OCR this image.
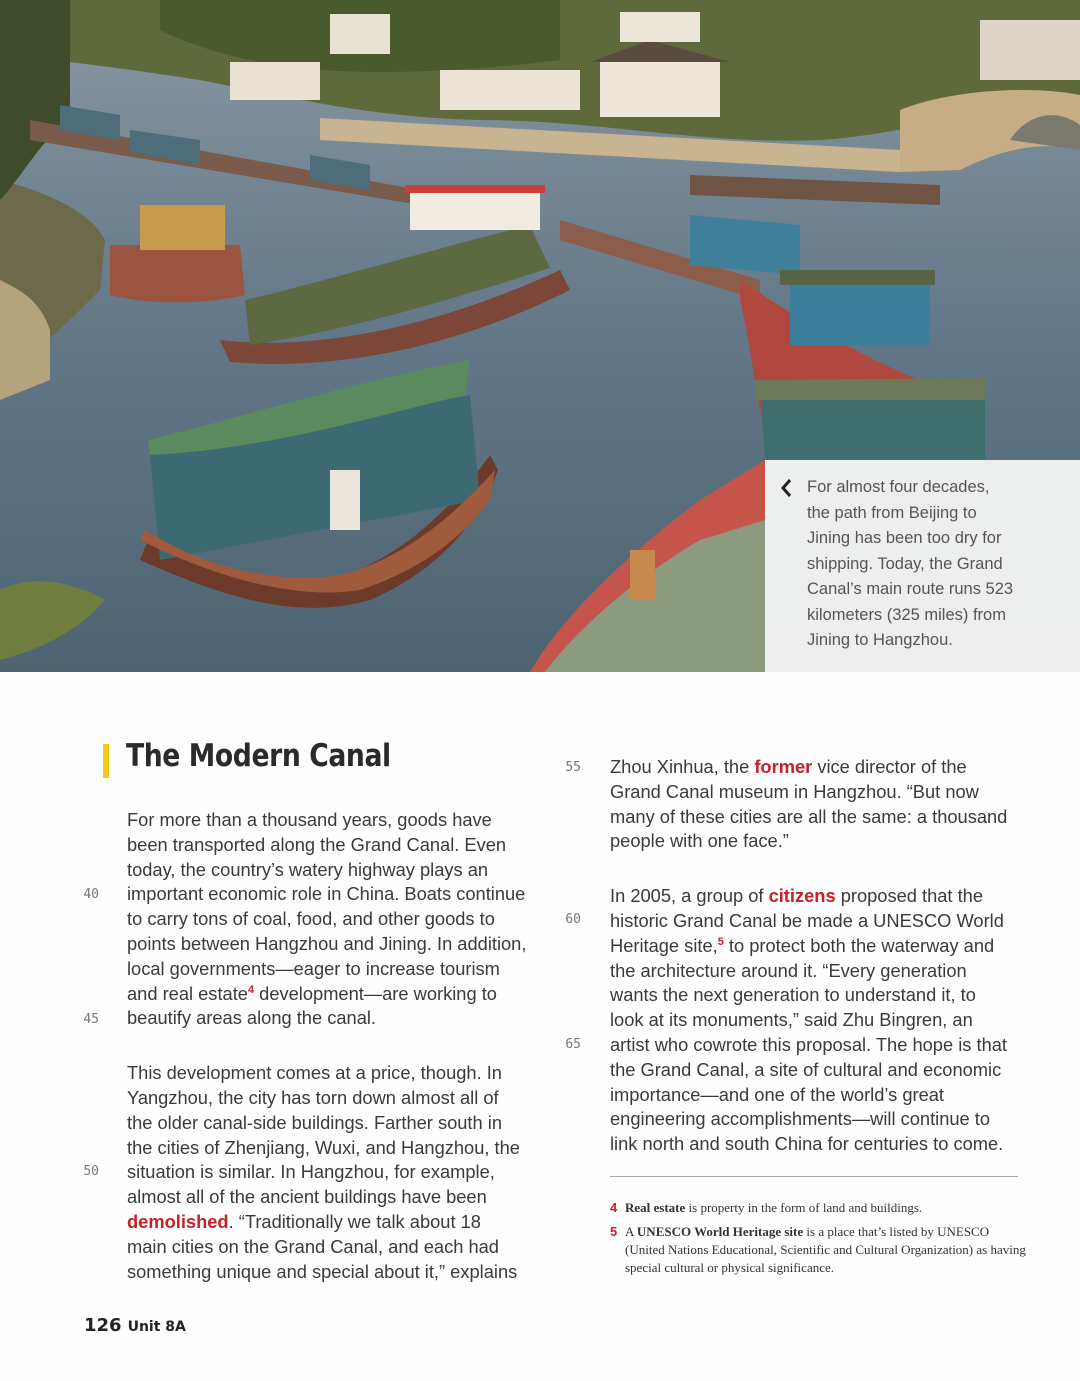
For almost four decades,
the path from Beijing to
Jining has been too dry for
shipping. Today, the Grand
Canal’s main route runs 523
kilometers (325 miles) from
Jining to Hangzhou.
The Modern Canal
For more than a thousand years, goods have
been transported along the Grand Canal. Even
today, the country’s watery highway plays an
important economic role in China. Boats continue
to carry tons of coal, food, and other goods to
points between Hangzhou and Jining. In addition,
local governments—eager to increase tourism
and real estate$^4$ development—are working to
beautify areas along the canal.
This development comes at a price, though. In
Yangzhou, the city has torn down almost all of
the older canal-side buildings. Farther south in
the cities of Zhenjiang, Wuxi, and Hangzhou, the
situation is similar. In Hangzhou, for example,
almost all of the ancient buildings have been
demolished. “Traditionally we talk about 18
main cities on the Grand Canal, and each had
something unique and special about it,” explains
40
45
50
55
60
65
Zhou Xinhua, the former vice director of the
Grand Canal museum in Hangzhou. “But now
many of these cities are all the same: a thousand
people with one face.”
In 2005, a group of citizens proposed that the
historic Grand Canal be made a UNESCO World
Heritage site,$^5$ to protect both the waterway and
the architecture around it. “Every generation
wants the next generation to understand it, to
look at its monuments,” said Zhu Bingren, an
artist who cowrote this proposal. The hope is that
the Grand Canal, a site of cultural and economic
importance—and one of the world’s great
engineering accomplishments—will continue to
link north and south China for centuries to come.
4 Real estate is property in the form of land and buildings.
5 A UNESCO World Heritage site is a place that’s listed by UNESCO (United Nations Educational, Scientific and Cultural Organization) as having special cultural or physical significance.
126 Unit 8A
